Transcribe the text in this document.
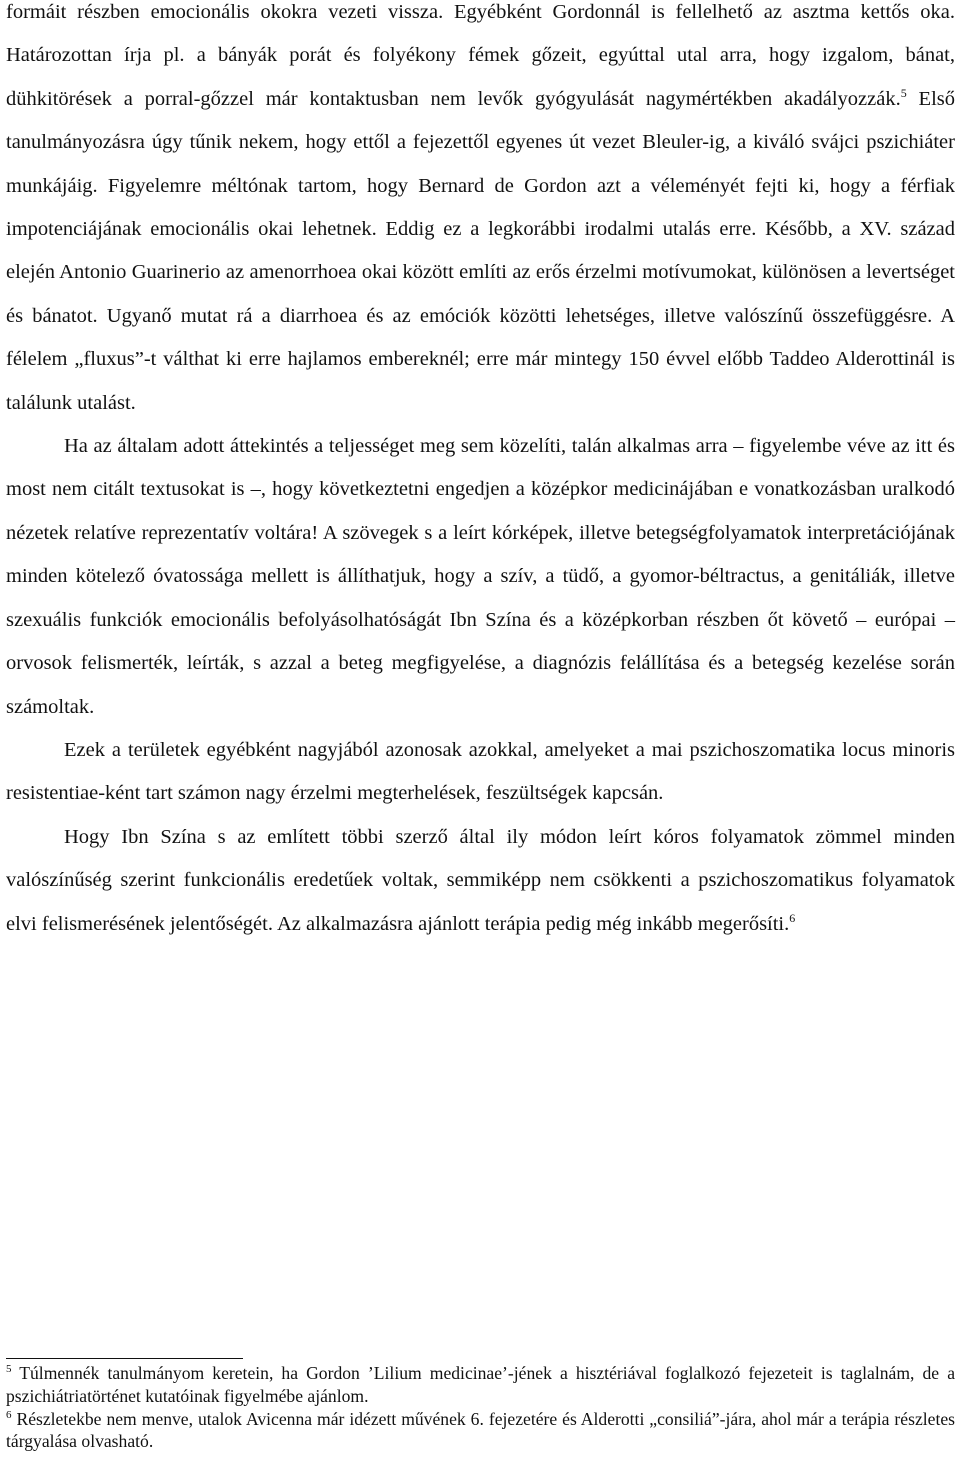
formáit részben emocionális okokra vezeti vissza. Egyébként Gordonnál is fellelhető az asztma kettős oka. Határozottan írja pl. a bányák porát és folyékony fémek gőzeit, egyúttal utal arra, hogy izgalom, bánat, dühkitörések a porral-gőzzel már kontaktusban nem levők gyógyulását nagymértékben akadályozzák.$^5$ Első tanulmányozásra úgy tűnik nekem, hogy ettől a fejezettől egyenes út vezet Bleuler-ig, a kiváló svájci pszichiáter munkájáig. Figyelemre méltónak tartom, hogy Bernard de Gordon azt a véleményét fejti ki, hogy a férfiak impotenciájának emocionális okai lehetnek. Eddig ez a legkorábbi irodalmi utalás erre. Később, a XV. század elején Antonio Guarinerio az amenorrhoea okai között említi az erős érzelmi motívumokat, különösen a levertséget és bánatot. Ugyanő mutat rá a diarrhoea és az emóciók közötti lehetséges, illetve valószínű összefüggésre. A félelem „fluxus”-t válthat ki erre hajlamos embereknél; erre már mintegy 150 évvel előbb Taddeo Alderottinál is találunk utalást.

Ha az általam adott áttekintés a teljességet meg sem közelíti, talán alkalmas arra – figyelembe véve az itt és most nem citált textusokat is –, hogy következtetni engedjen a középkor medicinájában e vonatkozásban uralkodó nézetek relatíve reprezentatív voltára! A szövegek s a leírt kórképek, illetve betegségfolyamatok interpretációjának minden kötelező óvatossága mellett is állíthatjuk, hogy a szív, a tüdő, a gyomor-béltractus, a genitáliák, illetve szexuális funkciók emocionális befolyásolhatóságát Ibn Szína és a középkorban részben őt követő – európai – orvosok felismerték, leírták, s azzal a beteg megfigyelése, a diagnózis felállítása és a betegség kezelése során számoltak.

Ezek a területek egyébként nagyjából azonosak azokkal, amelyeket a mai pszichoszomatika locus minoris resistentiae-ként tart számon nagy érzelmi megterhelések, feszültségek kapcsán.

Hogy Ibn Szína s az említett többi szerző által ily módon leírt kóros folyamatok zömmel minden valószínűség szerint funkcionális eredetűek voltak, semmiképp nem csökkenti a pszichoszomatikus folyamatok elvi felismerésének jelentőségét. Az alkalmazásra ajánlott terápia pedig még inkább megerősíti.$^6$

$^5$ Túlmennék tanulmányom keretein, ha Gordon ’Lilium medicinae’-jének a hisztériával foglalkozó fejezeteit is taglalnám, de a pszichiátriatörténet kutatóinak figyelmébe ajánlom.

$^6$ Részletekbe nem menve, utalok Avicenna már idézett művének 6. fejezetére és Alderotti „consiliá”-jára, ahol már a terápia részletes tárgyalása olvasható.
